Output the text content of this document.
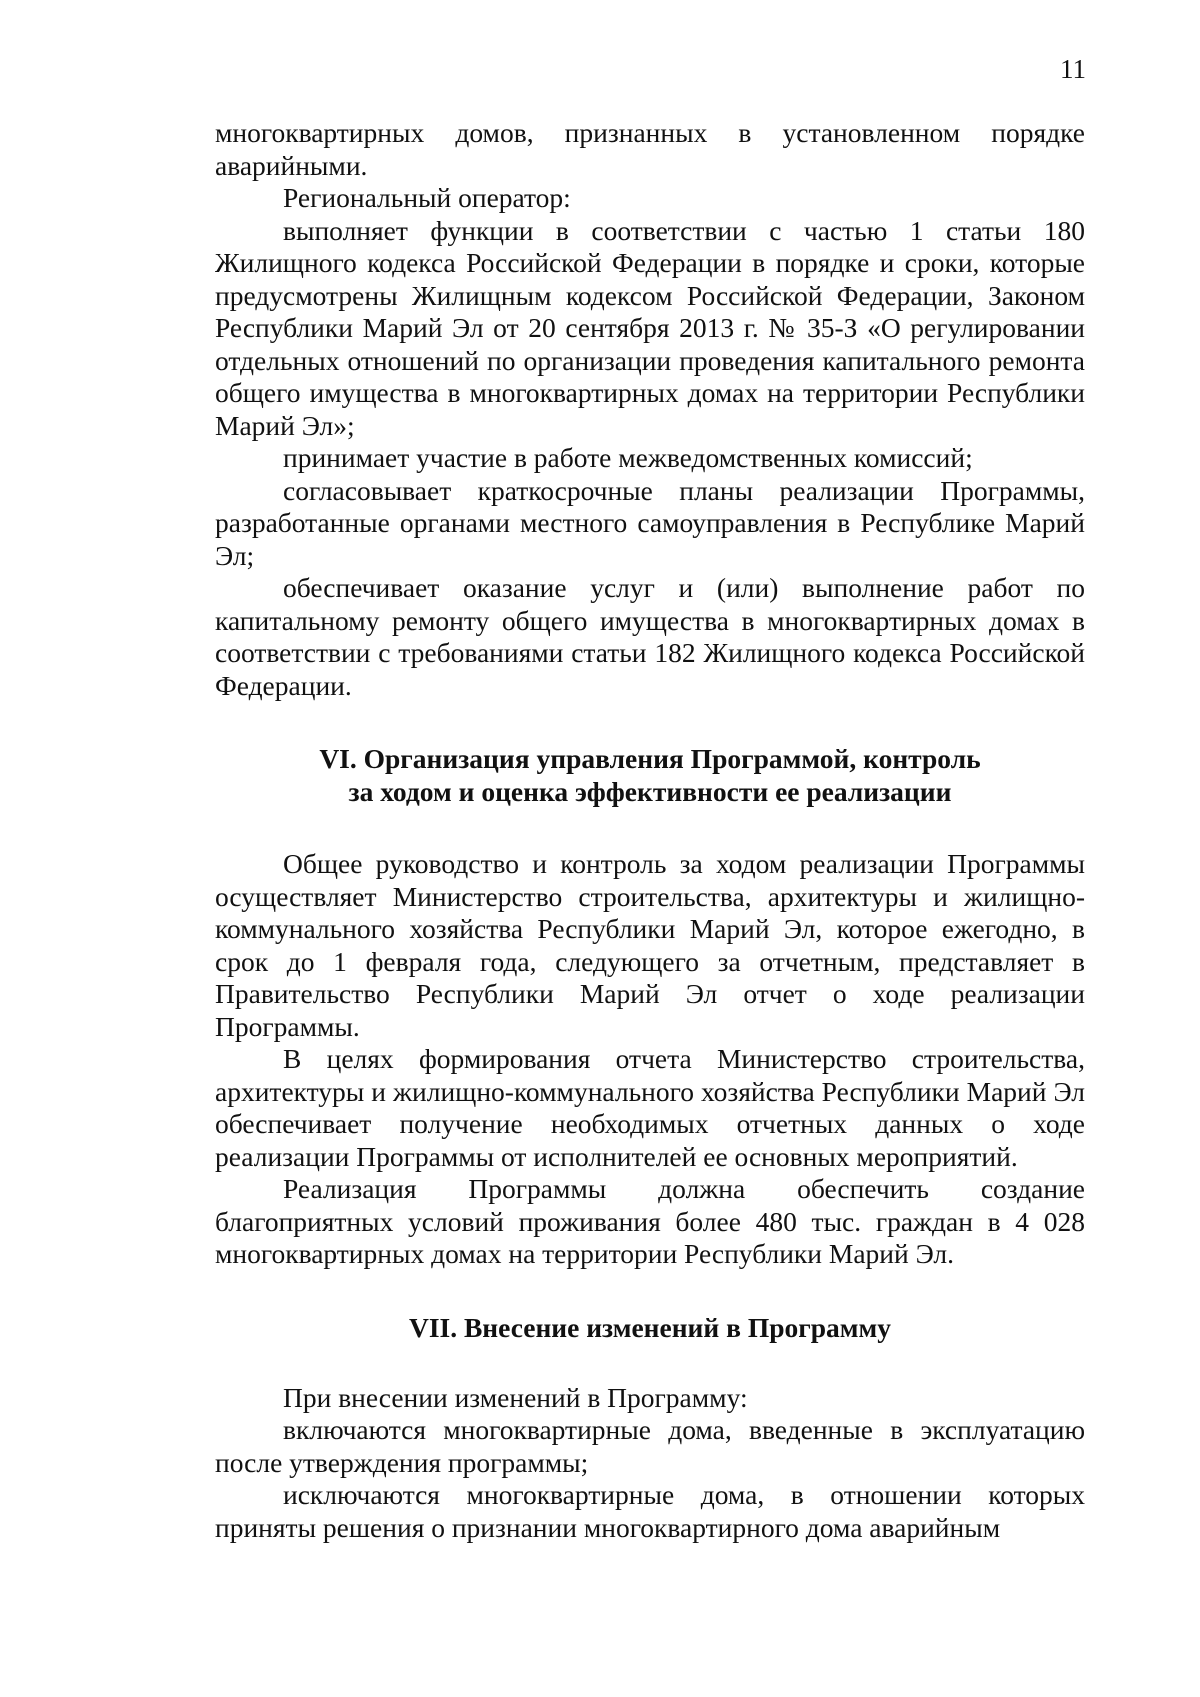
11

многоквартирных домов, признанных в установленном порядке аварийными.

Региональный оператор:

выполняет функции в соответствии с частью 1 статьи 180 Жилищного кодекса Российской Федерации в порядке и сроки, которые предусмотрены Жилищным кодексом Российской Федерации, Законом Республики Марий Эл от 20 сентября 2013 г. № 35-З «О регулировании отдельных отношений по организации проведения капитального ремонта общего имущества в многоквартирных домах на территории Республики Марий Эл»;

принимает участие в работе межведомственных комиссий;

согласовывает краткосрочные планы реализации Программы, разработанные органами местного самоуправления в Республике Марий Эл;

обеспечивает оказание услуг и (или) выполнение работ по капитальному ремонту общего имущества в многоквартирных домах в соответствии с требованиями статьи 182 Жилищного кодекса Российской Федерации.

VI. Организация управления Программой, контроль
за ходом и оценка эффективности ее реализации

Общее руководство и контроль за ходом реализации Программы осуществляет Министерство строительства, архитектуры и жилищно-коммунального хозяйства Республики Марий Эл, которое ежегодно, в срок до 1 февраля года, следующего за отчетным, представляет в Правительство Республики Марий Эл отчет о ходе реализации Программы.

В целях формирования отчета Министерство строительства, архитектуры и жилищно-коммунального хозяйства Республики Марий Эл обеспечивает получение необходимых отчетных данных о ходе реализации Программы от исполнителей ее основных мероприятий.

Реализация Программы должна обеспечить создание благоприятных условий проживания более 480 тыс. граждан в 4 028 многоквартирных домах на территории Республики Марий Эл.

VII. Внесение изменений в Программу

При внесении изменений в Программу:

включаются многоквартирные дома, введенные в эксплуатацию после утверждения программы;

исключаются многоквартирные дома, в отношении которых приняты решения о признании многоквартирного дома аварийным
